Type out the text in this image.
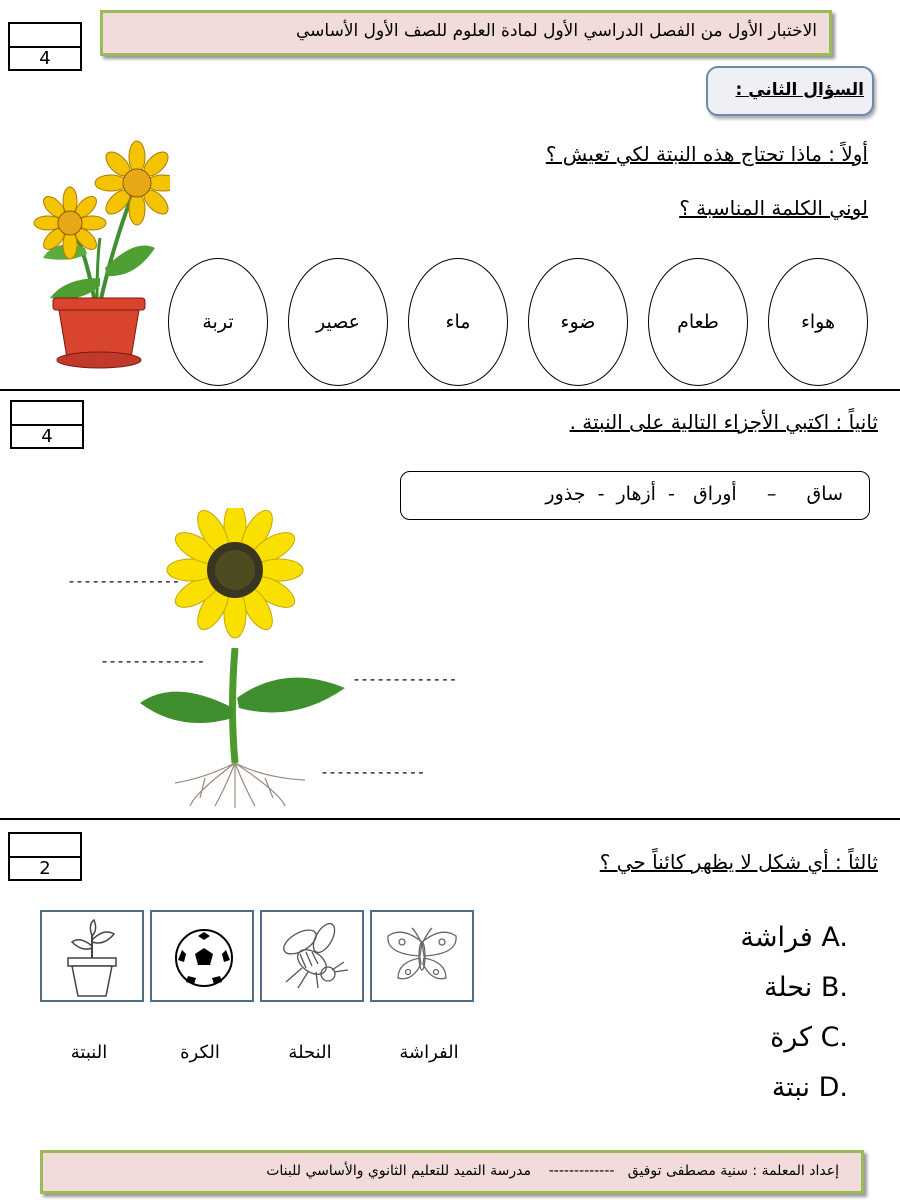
الاختبار الأول من الفصل الدراسي الأول لمادة العلوم للصف الأول الأساسي
4
السؤال الثاني :
أولاً : ماذا تحتاج هذه النبتة لكي تعيش ؟
لوني الكلمة المناسبة ؟
هواء
طعام
ضوء
ماء
عصير
تربة
4
ثانياً : اكتبي الأجزاء التالية على النبتة .
ساق     –     أوراق   -  أزهار  -  جذور
--------------
-------------
-------------
-------------
2	ثالثاً : أي شكل لا يظهر كائناً حي ؟
فراشة A.
نحلة B.
كرة C.
نبتة D.
النبتة	الكرة	النحلة	الفراشة
إعداد المعلمة : سنية مصطفى توفيق   -------------    مدرسة التميد للتعليم الثانوي والأساسي للبنات
